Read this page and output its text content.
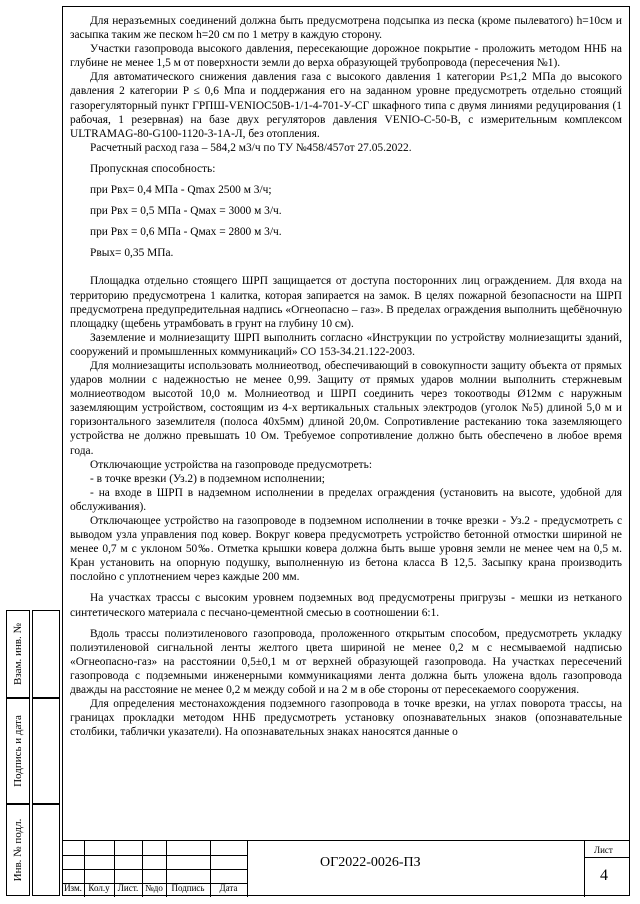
Взам. инв. №
Подпись и дата
Инв. № подл.

Для неразъемных соединений должна быть предусмотрена подсыпка из песка (кроме пылеватого) h=10см и засыпка таким же песком h=20 см по 1 метру в каждую сторону.

Участки газопровода высокого давления, пересекающие дорожное покрытие - проложить методом ННБ на глубине не менее 1,5 м от поверхности земли до верха образующей трубопровода (пересечения №1).

Для автоматического снижения давления газа с высокого давления 1 категории P≤1,2 МПа до высокого давления 2 категории P ≤ 0,6 Мпа и поддержания его на заданном уровне предусмотреть отдельно стоящий газорегуляторный пункт ГРПШ-VENIOC50B-1/1-4-701-У-СГ шкафного типа с двумя линиями редуцирования (1 рабочая, 1 резервная) на базе двух регуляторов давления VENIO-C-50-B, с измерительным комплексом ULTRAMAG-80-G100-1120-3-1А-Л, без отопления.

Расчетный расход газа – 584,2 м3/ч по ТУ №458/457от 27.05.2022.

Пропускная способность:

при Pвх= 0,4 МПа - Qmax 2500 м 3/ч;

при Pвх = 0,5 МПа - Qмах = 3000 м 3/ч.

при Pвх = 0,6 МПа - Qмах = 2800 м 3/ч.

Pвых= 0,35 МПа.

Площадка отдельно стоящего ШРП защищается от доступа посторонних лиц ограждением. Для входа на территорию предусмотрена 1 калитка, которая запирается на замок. В целях пожарной безопасности на ШРП предусмотрена предупредительная надпись «Огнеопасно – газ». В пределах ограждения выполнить щебёночную площадку (щебень утрамбовать в грунт на глубину 10 см).

Заземление и молниезащиту ШРП выполнить согласно «Инструкции по устройству молниезащиты зданий, сооружений и промышленных коммуникаций» СО 153-34.21.122-2003.

Для молниезащиты использовать молниеотвод, обеспечивающий в совокупности защиту объекта от прямых ударов молнии с надежностью не менее 0,99. Защиту от прямых ударов молнии выполнить стержневым молниеотводом высотой 10,0 м. Молниеотвод и ШРП соединить через токоотводы Ø12мм с наружным заземляющим устройством, состоящим из 4-х вертикальных стальных электродов (уголок №5) длиной 5,0 м и горизонтального заземлителя (полоса 40х5мм) длиной 20,0м. Сопротивление растеканию тока заземляющего устройства не должно превышать 10 Ом. Требуемое сопротивление должно быть обеспечено в любое время года.

Отключающие устройства на газопроводе предусмотреть:

- в точке врезки (Уз.2) в подземном исполнении;

- на входе в ШРП в надземном исполнении в пределах ограждения (установить на высоте, удобной для обслуживания).

Отключающее устройство на газопроводе в подземном исполнении в точке врезки - Уз.2 - предусмотреть с выводом узла управления под ковер. Вокруг ковера предусмотреть устройство бетонной отмостки шириной не менее 0,7 м с уклоном 50‰. Отметка крышки ковера должна быть выше уровня земли не менее чем на 0,5 м. Кран установить на опорную подушку, выполненную из бетона класса В 12,5. Засыпку крана производить послойно с уплотнением через каждые 200 мм.

На участках трассы с высоким уровнем подземных вод предусмотрены пригрузы - мешки из нетканого синтетического материала с песчано-цементной смесью в соотношении 6:1.

Вдоль трассы полиэтиленового газопровода, проложенного открытым способом, предусмотреть укладку полиэтиленовой сигнальной ленты желтого цвета шириной не менее 0,2 м с несмываемой надписью «Огнеопасно-газ» на расстоянии 0,5±0,1 м от верхней образующей газопровода. На участках пересечений газопровода с подземными инженерными коммуникациями лента должна быть уложена вдоль газопровода дважды на расстояние не менее 0,2 м между собой и на 2 м в обе стороны от пересекаемого сооружения.

Для определения местонахождения подземного газопровода в точке врезки, на углах поворота трассы, на границах прокладки методом ННБ предусмотреть установку опознавательных знаков (опознавательные столбики, таблички указатели). На опознавательных знаках наносятся данные о

Изм. Кол.у Лист. №до Подпись	Дата
ОГ2022-0026-ПЗ
Лист
4
